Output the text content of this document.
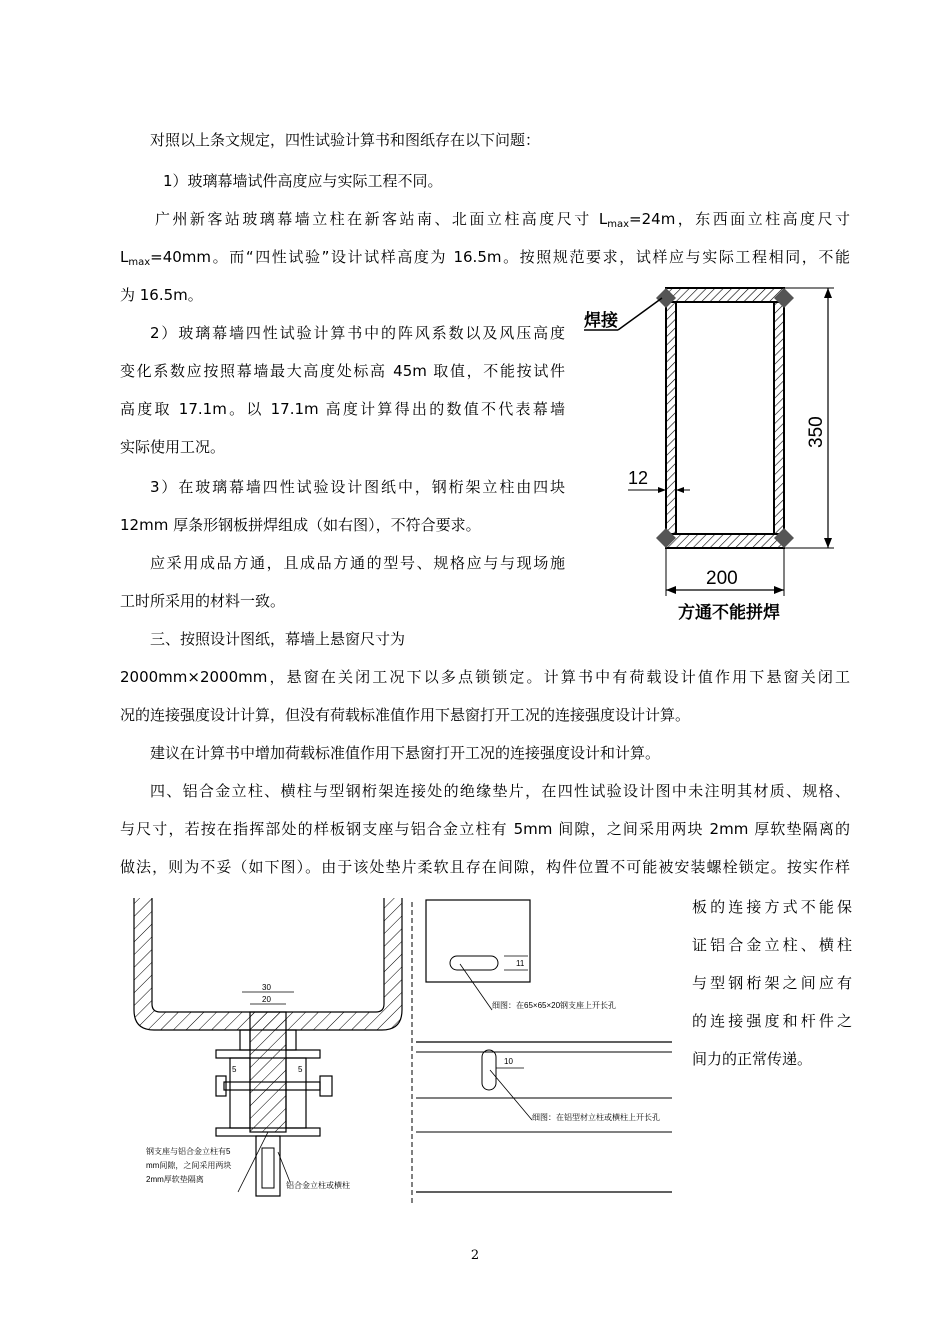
对照以上条文规定，四性试验计算书和图纸存在以下问题：
1）玻璃幕墙试件高度应与实际工程不同。
广州新客站玻璃幕墙立柱在新客站南、北面立柱高度尺寸 $L_{max}=24m$，东西面立柱高度尺寸
$L_{max}=40mm$。而“四性试验”设计试样高度为 16.5m。按照规范要求，试样应与实际工程相同，不能
为 16.5m。
2）玻璃幕墙四性试验计算书中的阵风系数以及风压高度
变化系数应按照幕墙最大高度处标高 45m 取值，不能按试件
高度取 17.1m。以 17.1m 高度计算得出的数值不代表幕墙
实际使用工况。
3）在玻璃幕墙四性试验设计图纸中，钢桁架立柱由四块
12mm 厚条形钢板拼焊组成（如右图），不符合要求。
应采用成品方通，且成品方通的型号、规格应与与现场施
工时所采用的材料一致。
三、按照设计图纸，幕墙上悬窗尺寸为
2000mm×2000mm，悬窗在关闭工况下以多点锁锁定。计算书中有荷载设计值作用下悬窗关闭工
况的连接强度设计计算，但没有荷载标准值作用下悬窗打开工况的连接强度设计计算。
建议在计算书中增加荷载标准值作用下悬窗打开工况的连接强度设计和计算。
四、铝合金立柱、横柱与型钢桁架连接处的绝缘垫片，在四性试验设计图中未注明其材质、规格、
与尺寸，若按在指挥部处的样板钢支座与铝合金立柱有 5mm 间隙，之间采用两块 2mm 厚软垫隔离的
做法，则为不妥（如下图）。由于该处垫片柔软且存在间隙，构件位置不可能被安装螺栓锁定。按实作样
板的连接方式不能保
证铝合金立柱、横柱
与型钢桁架之间应有
的连接强度和杆件之
间力的正常传递。
焊接
350
12
200
方通不能拼焊
30
20
5	5
钢支座与铝合金立柱有5
mm间隙，之间采用两块
2mm厚软垫隔离
铝合金立柱或横柱
11
细图：在65×65×20钢支座上开长孔
10
细图：在铝型材立柱或横柱上开长孔
2
